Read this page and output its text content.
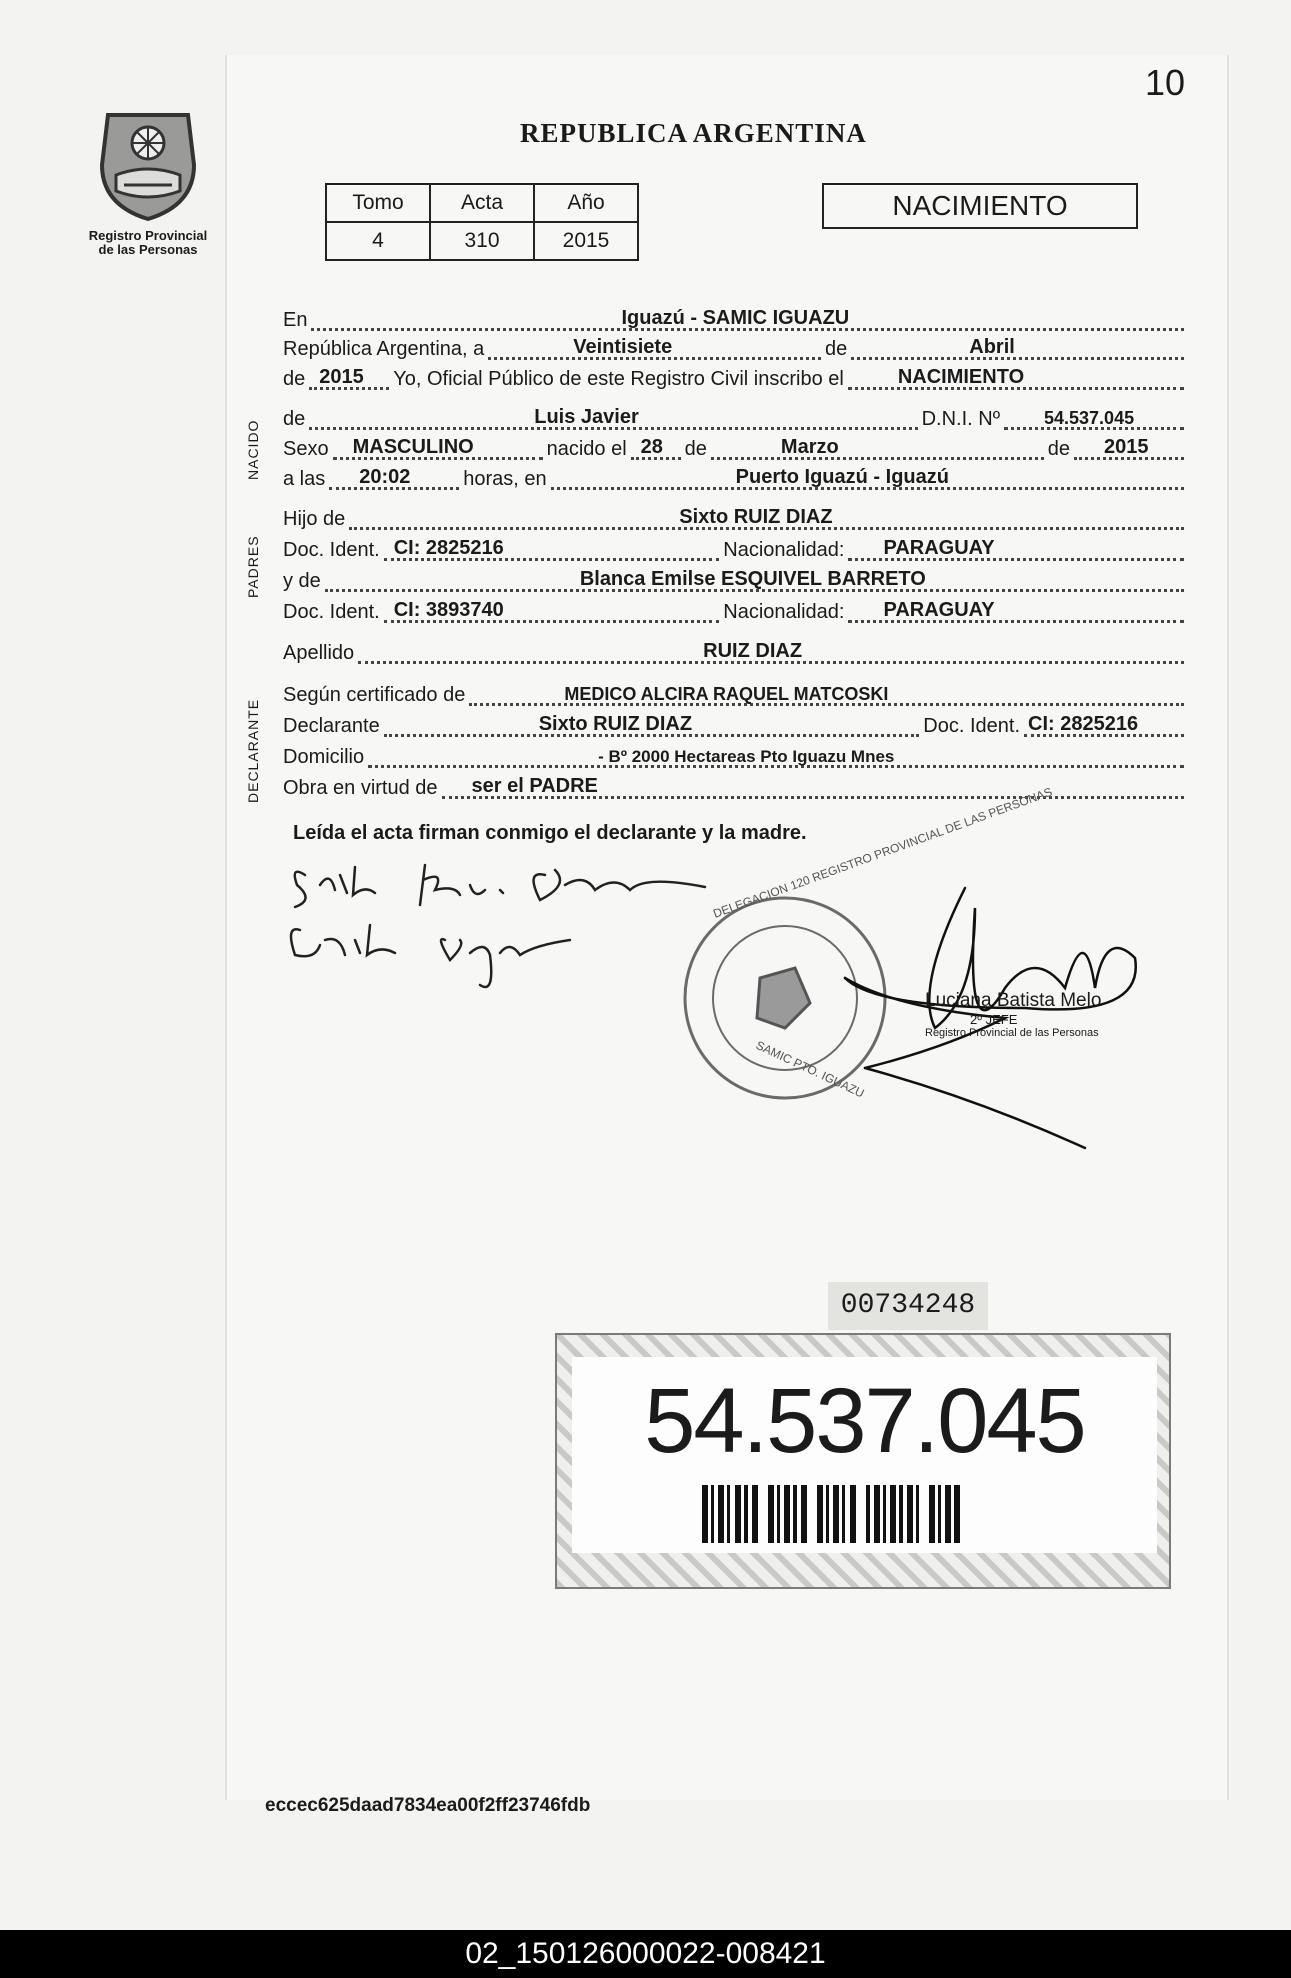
10
Registro Provincial
de las Personas
REPUBLICA ARGENTINA
Tomo	Acta	Año
4	310	2015
NACIMIENTO
NACIDO
PADRES
DECLARANTE
En	Iguazú - SAMIC IGUAZU
República Argentina, a	Veintisiete	de	Abril
de 2015 Yo, Oficial Público de este Registro Civil inscribo el	NACIMIENTO
de	Luis Javier	D.N.I. Nº 54.537.045
Sexo MASCULINO	nacido el 28 de	Marzo	de 2015
a las 20:02	horas, en	Puerto Iguazú - Iguazú
Hijo de	Sixto RUIZ DIAZ
Doc. Ident. CI: 2825216	Nacionalidad: PARAGUAY
y de	Blanca Emilse ESQUIVEL BARRETO
Doc. Ident. CI: 3893740	Nacionalidad: PARAGUAY
Apellido	RUIZ DIAZ
Según certificado de	MEDICO ALCIRA RAQUEL MATCOSKI
Declarante	Sixto RUIZ DIAZ	Doc. Ident. CI: 2825216
Domicilio	- Bº 2000 Hectareas Pto Iguazu Mnes
Obra en virtud de ser el PADRE
Leída el acta firman conmigo el declarante y la madre.
DELEGACION 120 REGISTRO PROVINCIAL DE LAS PERSONAS
SAMIC PTO. IGUAZU
Luciana Batista Melo
2º JEFE
Registro Provincial de las Personas
00734248
54.537.045
eccec625daad7834ea00f2ff23746fdb
02_150126000022-008421
